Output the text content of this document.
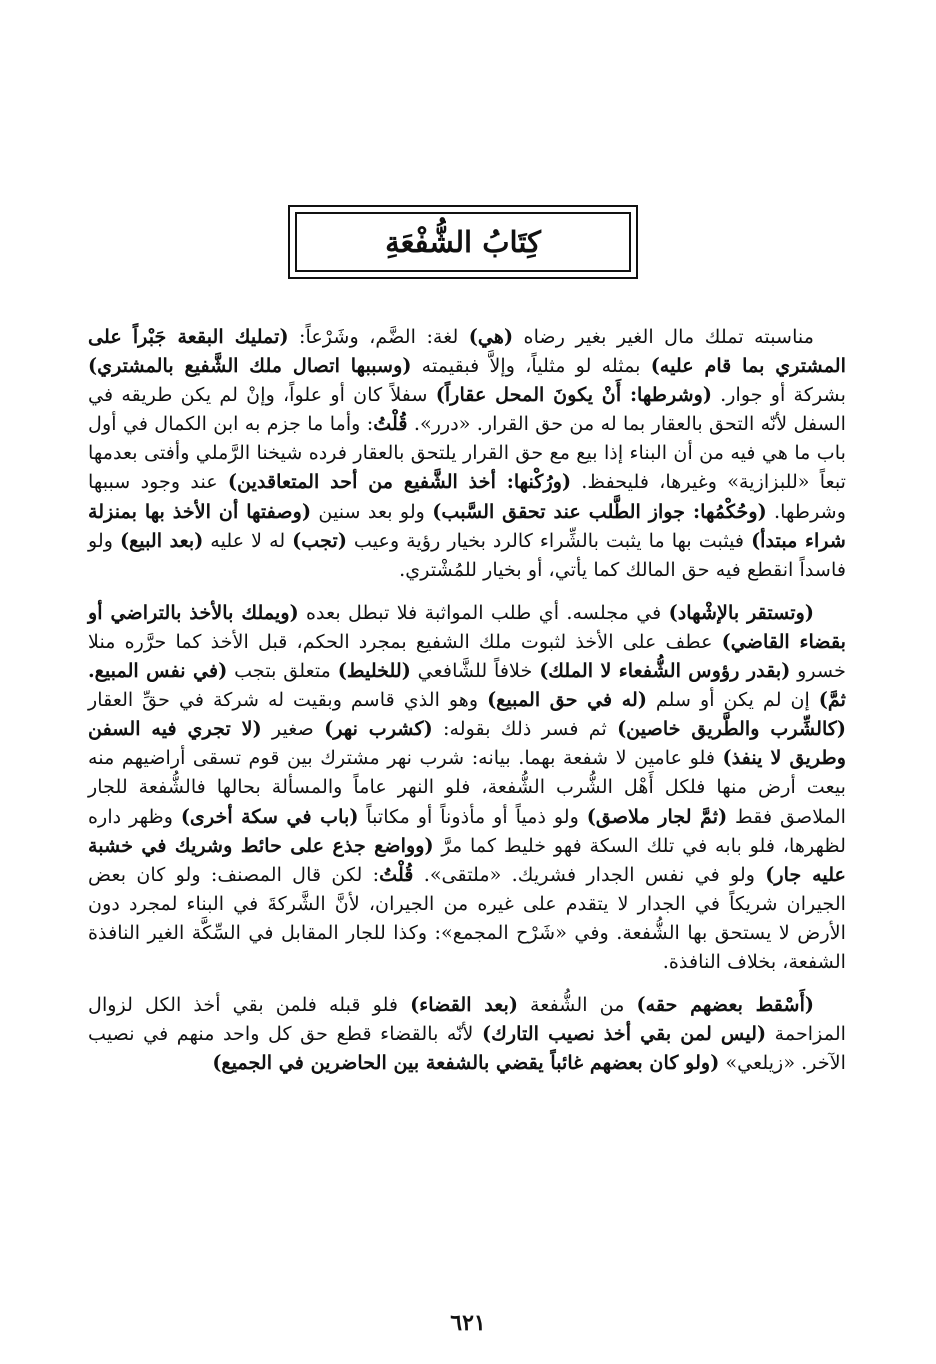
كِتَابُ الشُّفْعَةِ

مناسبته تملك مال الغير بغير رضاه (هي) لغة: الضَّم، وشَرْعاً: (تمليك البقعة جَبْراً على المشتري بما قام عليه) بمثله لو مثلياً، وإلاَّ فبقيمته (وسببها اتصال ملك الشَّفيع بالمشتري) بشركة أو جوار. (وشرطها: أَنْ يكونَ المحل عقاراً) سفلاً كان أو علواً، وإنْ لم يكن طريقه في السفل لأنّه التحق بالعقار بما له من حق القرار. «درر». قُلْتُ: وأما ما جزم به ابن الكمال في أول باب ما هي فيه من أن البناء إذا بيع مع حق القرار يلتحق بالعقار فرده شيخنا الرَّملي وأفتى بعدمها تبعاً «للبزازية» وغيرها، فليحفظ. (ورُكْنها: أخذ الشَّفيع من أحد المتعاقدين) عند وجود سببها وشرطها. (وحُكْمُها: جواز الطَّلب عند تحقق السَّبب) ولو بعد سنين (وصفتها أن الأخذ بها بمنزلة شراء مبتدأ) فيثبت بها ما يثبت بالشِّراء كالرد بخيار رؤية وعيب (تجب) له لا عليه (بعد البيع) ولو فاسداً انقطع فيه حق المالك كما يأتي، أو بخيار للمُشْتري.

(وتستقر بالإشْهاد) في مجلسه. أي طلب المواثبة فلا تبطل بعده (ويملك بالأخذ بالتراضي أو بقضاء القاضي) عطف على الأخذ لثبوت ملك الشفيع بمجرد الحكم، قبل الأخذ كما حرَّره منلا خسرو (بقدر رؤوس الشُّفعاء لا الملك) خلافاً للشَّافعي (للخليط) متعلق بتجب (في نفس المبيع. ثمَّ) إن لم يكن أو سلم (له في حق المبيع) وهو الذي قاسم وبقيت له شركة في حقِّ العقار (كالشِّرب والطَّريق خاصين) ثم فسر ذلك بقوله: (كشرب نهر) صغير (لا تجري فيه السفن وطريق لا ينفذ) فلو عامين لا شفعة بهما. بيانه: شرب نهر مشترك بين قوم تسقى أراضيهم منه بيعت أرض منها فلكل أَهْل الشُّرب الشُّفعة، فلو النهر عاماً والمسألة بحالها فالشُّفعة للجار الملاصق فقط (ثمَّ لجار ملاصق) ولو ذمياً أو مأذوناً أو مكاتباً (باب في سكة أخرى) وظهر داره لظهرها، فلو بابه في تلك السكة فهو خليط كما مرَّ (وواضع جذع على حائط وشريك في خشبة عليه جار) ولو في نفس الجدار فشريك. «ملتقى». قُلْتُ: لكن قال المصنف: ولو كان بعض الجيران شريكاً في الجدار لا يتقدم على غيره من الجيران، لأنَّ الشَّركةَ في البناء لمجرد دون الأرض لا يستحق بها الشُّفعة. وفي «شَرْح المجمع»: وكذا للجار المقابل في السِّكَّة الغير النافذة الشفعة، بخلاف النافذة.

(أَسْقط بعضهم حقه) من الشُّفعة (بعد القضاء) فلو قبله فلمن بقي أخذ الكل لزوال المزاحمة (ليس لمن بقي أخذ نصيب التارك) لأنّه بالقضاء قطع حق كل واحد منهم في نصيب الآخر. «زيلعي» (ولو كان بعضهم غائباً يقضي بالشفعة بين الحاضرين في الجميع)

٦٢١
